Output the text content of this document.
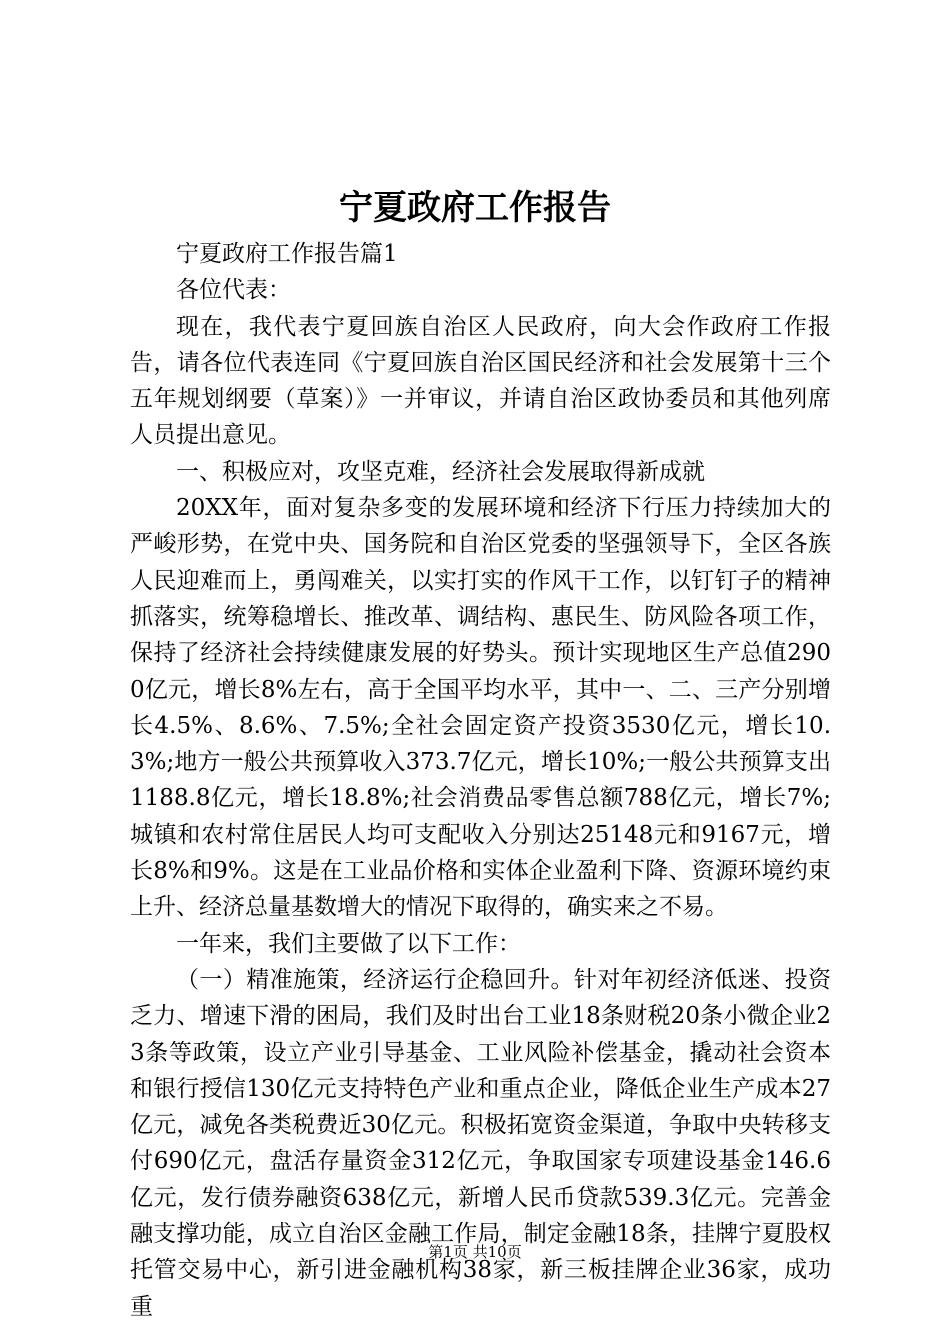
宁夏政府工作报告

宁夏政府工作报告篇1

各位代表：

现在，我代表宁夏回族自治区人民政府，向大会作政府工作报告，请各位代表连同《宁夏回族自治区国民经济和社会发展第十三个五年规划纲要（草案）》一并审议，并请自治区政协委员和其他列席人员提出意见。

一、积极应对，攻坚克难，经济社会发展取得新成就

20XX年，面对复杂多变的发展环境和经济下行压力持续加大的严峻形势，在党中央、国务院和自治区党委的坚强领导下，全区各族人民迎难而上，勇闯难关，以实打实的作风干工作，以钉钉子的精神抓落实，统筹稳增长、推改革、调结构、惠民生、防风险各项工作，保持了经济社会持续健康发展的好势头。预计实现地区生产总值2900亿元，增长8%左右，高于全国平均水平，其中一、二、三产分别增长4.5%、8.6%、7.5%;全社会固定资产投资3530亿元，增长10.3%;地方一般公共预算收入373.7亿元，增长10%;一般公共预算支出1188.8亿元，增长18.8%;社会消费品零售总额788亿元，增长7%;城镇和农村常住居民人均可支配收入分别达25148元和9167元，增长8%和9%。这是在工业品价格和实体企业盈利下降、资源环境约束上升、经济总量基数增大的情况下取得的，确实来之不易。

一年来，我们主要做了以下工作：

（一）精准施策，经济运行企稳回升。针对年初经济低迷、投资乏力、增速下滑的困局，我们及时出台工业18条财税20条小微企业23条等政策，设立产业引导基金、工业风险补偿基金，撬动社会资本和银行授信130亿元支持特色产业和重点企业，降低企业生产成本27亿元，减免各类税费近30亿元。积极拓宽资金渠道，争取中央转移支付690亿元，盘活存量资金312亿元，争取国家专项建设基金146.6亿元，发行债券融资638亿元，新增人民币贷款539.3亿元。完善金融支撑功能，成立自治区金融工作局，制定金融18条，挂牌宁夏股权托管交易中心，新引进金融机构38家，新三板挂牌企业36家，成功重

第1页 共10页
